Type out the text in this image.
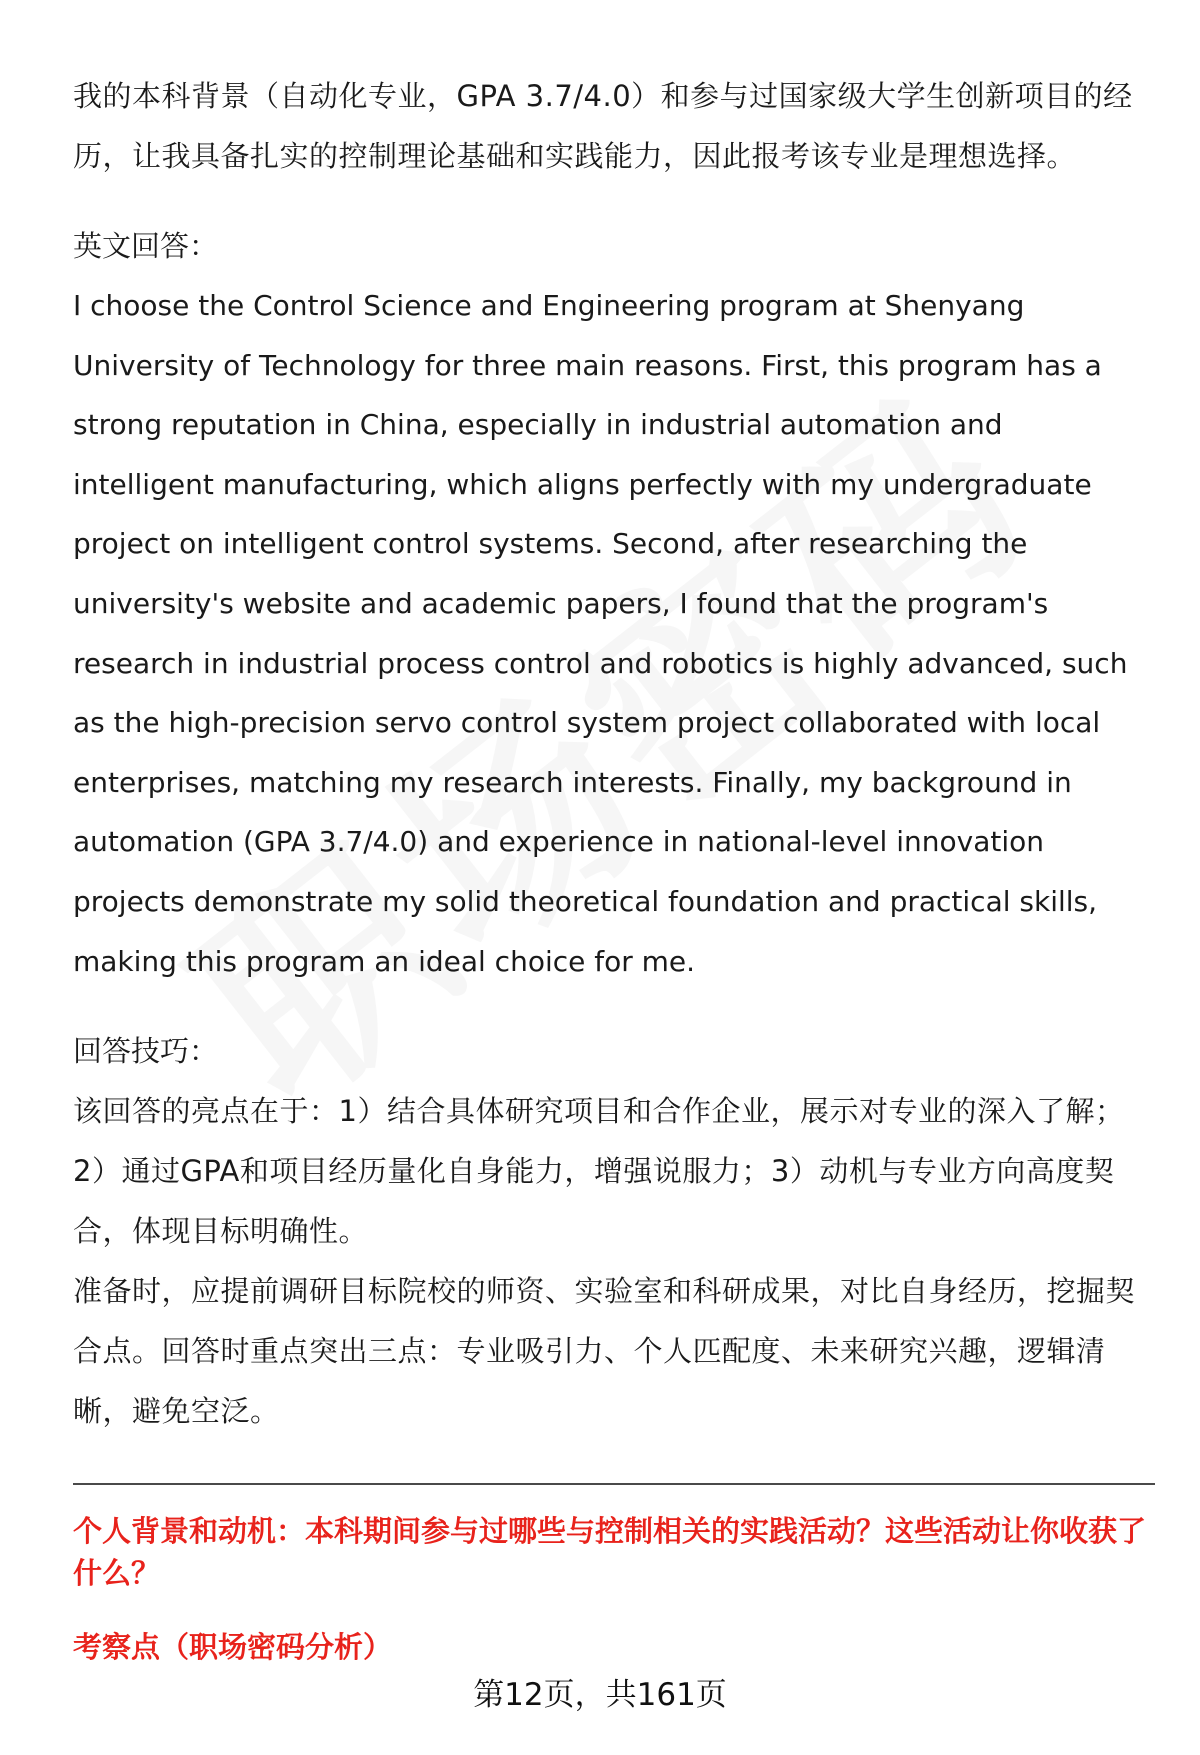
我的本科背景（自动化专业，GPA 3.7/4.0）和参与过国家级大学生创新项目的经历，让我具备扎实的控制理论基础和实践能力，因此报考该专业是理想选择。

英文回答：

I choose the Control Science and Engineering program at Shenyang University of Technology for three main reasons. First, this program has a strong reputation in China, especially in industrial automation and intelligent manufacturing, which aligns perfectly with my undergraduate project on intelligent control systems. Second, after researching the university's website and academic papers, I found that the program's research in industrial process control and robotics is highly advanced, such as the high-precision servo control system project collaborated with local enterprises, matching my research interests. Finally, my background in automation (GPA 3.7/4.0) and experience in national-level innovation projects demonstrate my solid theoretical foundation and practical skills, making this program an ideal choice for me.

回答技巧：

该回答的亮点在于：1）结合具体研究项目和合作企业，展示对专业的深入了解；2）通过GPA和项目经历量化自身能力，增强说服力；3）动机与专业方向高度契合，体现目标明确性。

准备时，应提前调研目标院校的师资、实验室和科研成果，对比自身经历，挖掘契合点。回答时重点突出三点：专业吸引力、个人匹配度、未来研究兴趣，逻辑清晰，避免空泛。

个人背景和动机：本科期间参与过哪些与控制相关的实践活动？这些活动让你收获了什么？

考察点（职场密码分析）

第12页，共161页
